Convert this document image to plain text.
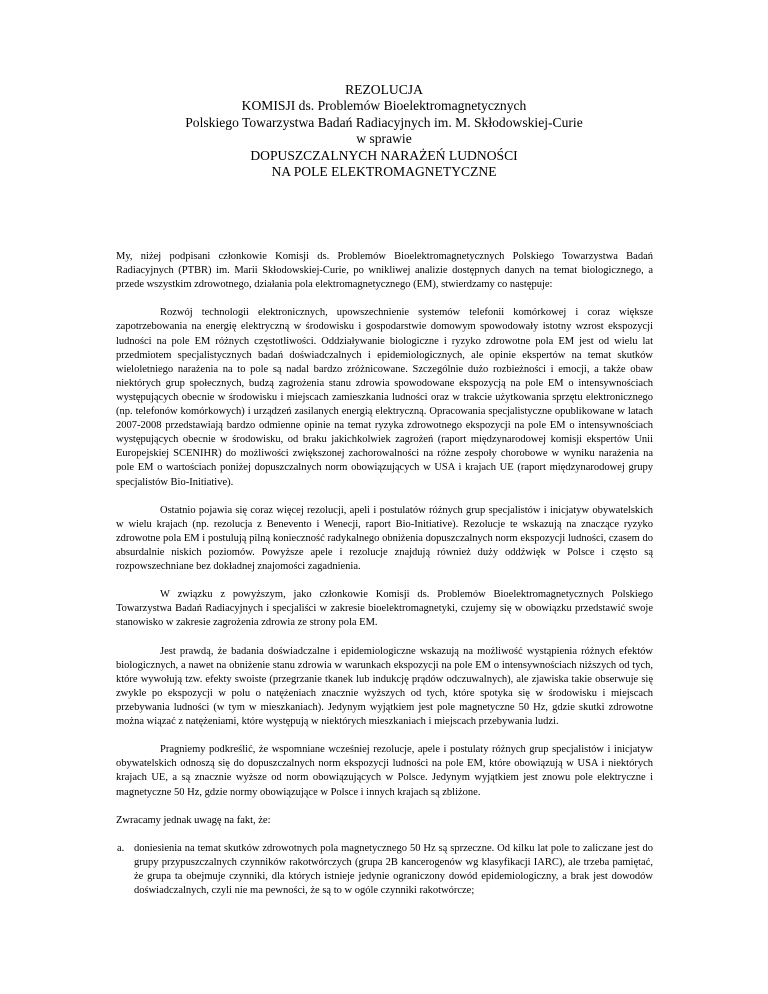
REZOLUCJA
KOMISJI ds. Problemów Bioelektromagnetycznych
Polskiego Towarzystwa Badań Radiacyjnych im. M. Skłodowskiej-Curie
w sprawie
DOPUSZCZALNYCH NARAŻEŃ LUDNOŚCI
NA POLE ELEKTROMAGNETYCZNE

My, niżej podpisani członkowie Komisji ds. Problemów Bioelektromagnetycznych Polskiego Towarzystwa Badań Radiacyjnych (PTBR) im. Marii Skłodowskiej-Curie, po wnikliwej analizie dostępnych danych na temat biologicznego, a przede wszystkim zdrowotnego, działania pola elektromagnetycznego (EM), stwierdzamy co następuje:

Rozwój technologii elektronicznych, upowszechnienie systemów telefonii komórkowej i coraz większe zapotrzebowania na energię elektryczną w środowisku i gospodarstwie domowym spowodowały istotny wzrost ekspozycji ludności na pole EM różnych częstotliwości. Oddziaływanie biologiczne i ryzyko zdrowotne pola EM jest od wielu lat przedmiotem specjalistycznych badań doświadczalnych i epidemiologicznych, ale opinie ekspertów na temat skutków wieloletniego narażenia na to pole są nadal bardzo zróżnicowane. Szczególnie dużo rozbieżności i emocji, a także obaw niektórych grup społecznych, budzą zagrożenia stanu zdrowia spowodowane ekspozycją na pole EM o intensywnościach występujących obecnie w środowisku i miejscach zamieszkania ludności oraz w trakcie użytkowania sprzętu elektronicznego (np. telefonów komórkowych) i urządzeń zasilanych energią elektryczną. Opracowania specjalistyczne opublikowane w latach 2007-2008 przedstawiają bardzo odmienne opinie na temat ryzyka zdrowotnego ekspozycji na pole EM o intensywnościach występujących obecnie w środowisku, od braku jakichkolwiek zagrożeń (raport międzynarodowej komisji ekspertów Unii Europejskiej SCENIHR) do możliwości zwiększonej zachorowalności na różne zespoły chorobowe w wyniku narażenia na pole EM o wartościach poniżej dopuszczalnych norm obowiązujących w USA i krajach UE (raport międzynarodowej grupy specjalistów Bio-Initiative).

Ostatnio pojawia się coraz więcej rezolucji, apeli i postulatów różnych grup specjalistów i inicjatyw obywatelskich w wielu krajach (np. rezolucja z Benevento i Wenecji, raport Bio-Initiative). Rezolucje te wskazują na znaczące ryzyko zdrowotne pola EM i postulują pilną konieczność radykalnego obniżenia dopuszczalnych norm ekspozycji ludności, czasem do absurdalnie niskich poziomów. Powyższe apele i rezolucje znajdują również duży oddźwięk w Polsce i często są rozpowszechniane bez dokładnej znajomości zagadnienia.

W związku z powyższym, jako członkowie Komisji ds. Problemów Bioelektromagnetycznych Polskiego Towarzystwa Badań Radiacyjnych i specjaliści w zakresie bioelektromagnetyki, czujemy się w obowiązku przedstawić swoje stanowisko w zakresie zagrożenia zdrowia ze strony pola EM.

Jest prawdą, że badania doświadczalne i epidemiologiczne wskazują na możliwość wystąpienia różnych efektów biologicznych, a nawet na obniżenie stanu zdrowia w warunkach ekspozycji na pole EM o intensywnościach niższych od tych, które wywołują tzw. efekty swoiste (przegrzanie tkanek lub indukcję prądów odczuwalnych), ale zjawiska takie obserwuje się zwykle po ekspozycji w polu o natężeniach znacznie wyższych od tych, które spotyka się w środowisku i miejscach przebywania ludności (w tym w mieszkaniach). Jedynym wyjątkiem jest pole magnetyczne 50 Hz, gdzie skutki zdrowotne można wiązać z natężeniami, które występują w niektórych mieszkaniach i miejscach przebywania ludzi.

Pragniemy podkreślić, że wspomniane wcześniej rezolucje, apele i postulaty różnych grup specjalistów i inicjatyw obywatelskich odnoszą się do dopuszczalnych norm ekspozycji ludności na pole EM, które obowiązują w USA i niektórych krajach UE, a są znacznie wyższe od norm obowiązujących w Polsce. Jedynym wyjątkiem jest znowu pole elektryczne i magnetyczne 50 Hz, gdzie normy obowiązujące w Polsce i innych krajach są zbliżone.

Zwracamy jednak uwagę na fakt, że:

a. doniesienia na temat skutków zdrowotnych pola magnetycznego 50 Hz są sprzeczne. Od kilku lat pole to zaliczane jest do grupy przypuszczalnych czynników rakotwórczych (grupa 2B kancerogenów wg klasyfikacji IARC), ale trzeba pamiętać, że grupa ta obejmuje czynniki, dla których istnieje jedynie ograniczony dowód epidemiologiczny, a brak jest dowodów doświadczalnych, czyli nie ma pewności, że są to w ogóle czynniki rakotwórcze;
